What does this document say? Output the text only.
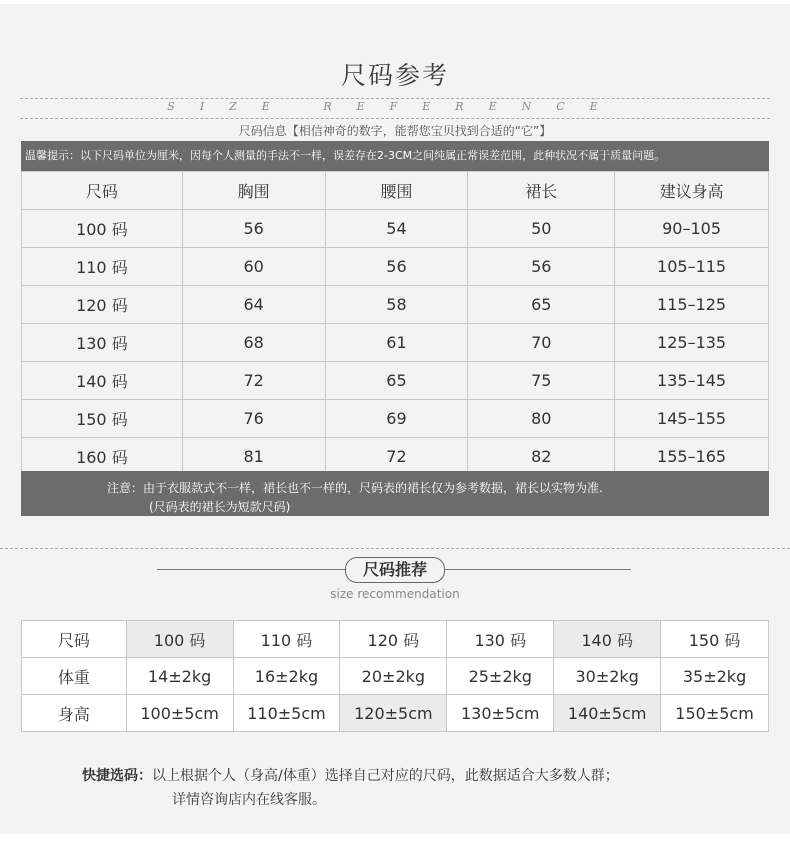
尺码参考
SIZE REFERENCE
尺码信息【相信神奇的数字，能帮您宝贝找到合适的“它”】
温馨提示：以下尺码单位为厘米，因每个人测量的手法不一样，误差存在2-3CM之间纯属正常误差范围，此种状况不属于质量问题。
尺码	胸围	腰围	裙长	建议身高
100 码	56	54	50	90–105
110 码	60	56	56	105–115
120 码	64	58	65	115–125
130 码	68	61	70	125–135
140 码	72	65	75	135–145
150 码	76	69	80	145–155
160 码	81	72	82	155–165
注意：由于衣服款式不一样，裙长也不一样的，尺码表的裙长仅为参考数据，裙长以实物为准.
(尺码表的裙长为短款尺码)
尺码推荐
size recommendation
尺码	100 码	110 码	120 码	130 码	140 码	150 码
体重	14±2kg	16±2kg	20±2kg	25±2kg	30±2kg	35±2kg
身高	100±5cm	110±5cm	120±5cm	130±5cm	140±5cm	150±5cm
快捷选码：以上根据个人（身高/体重）选择自己对应的尺码，此数据适合大多数人群；
详情咨询店内在线客服。
